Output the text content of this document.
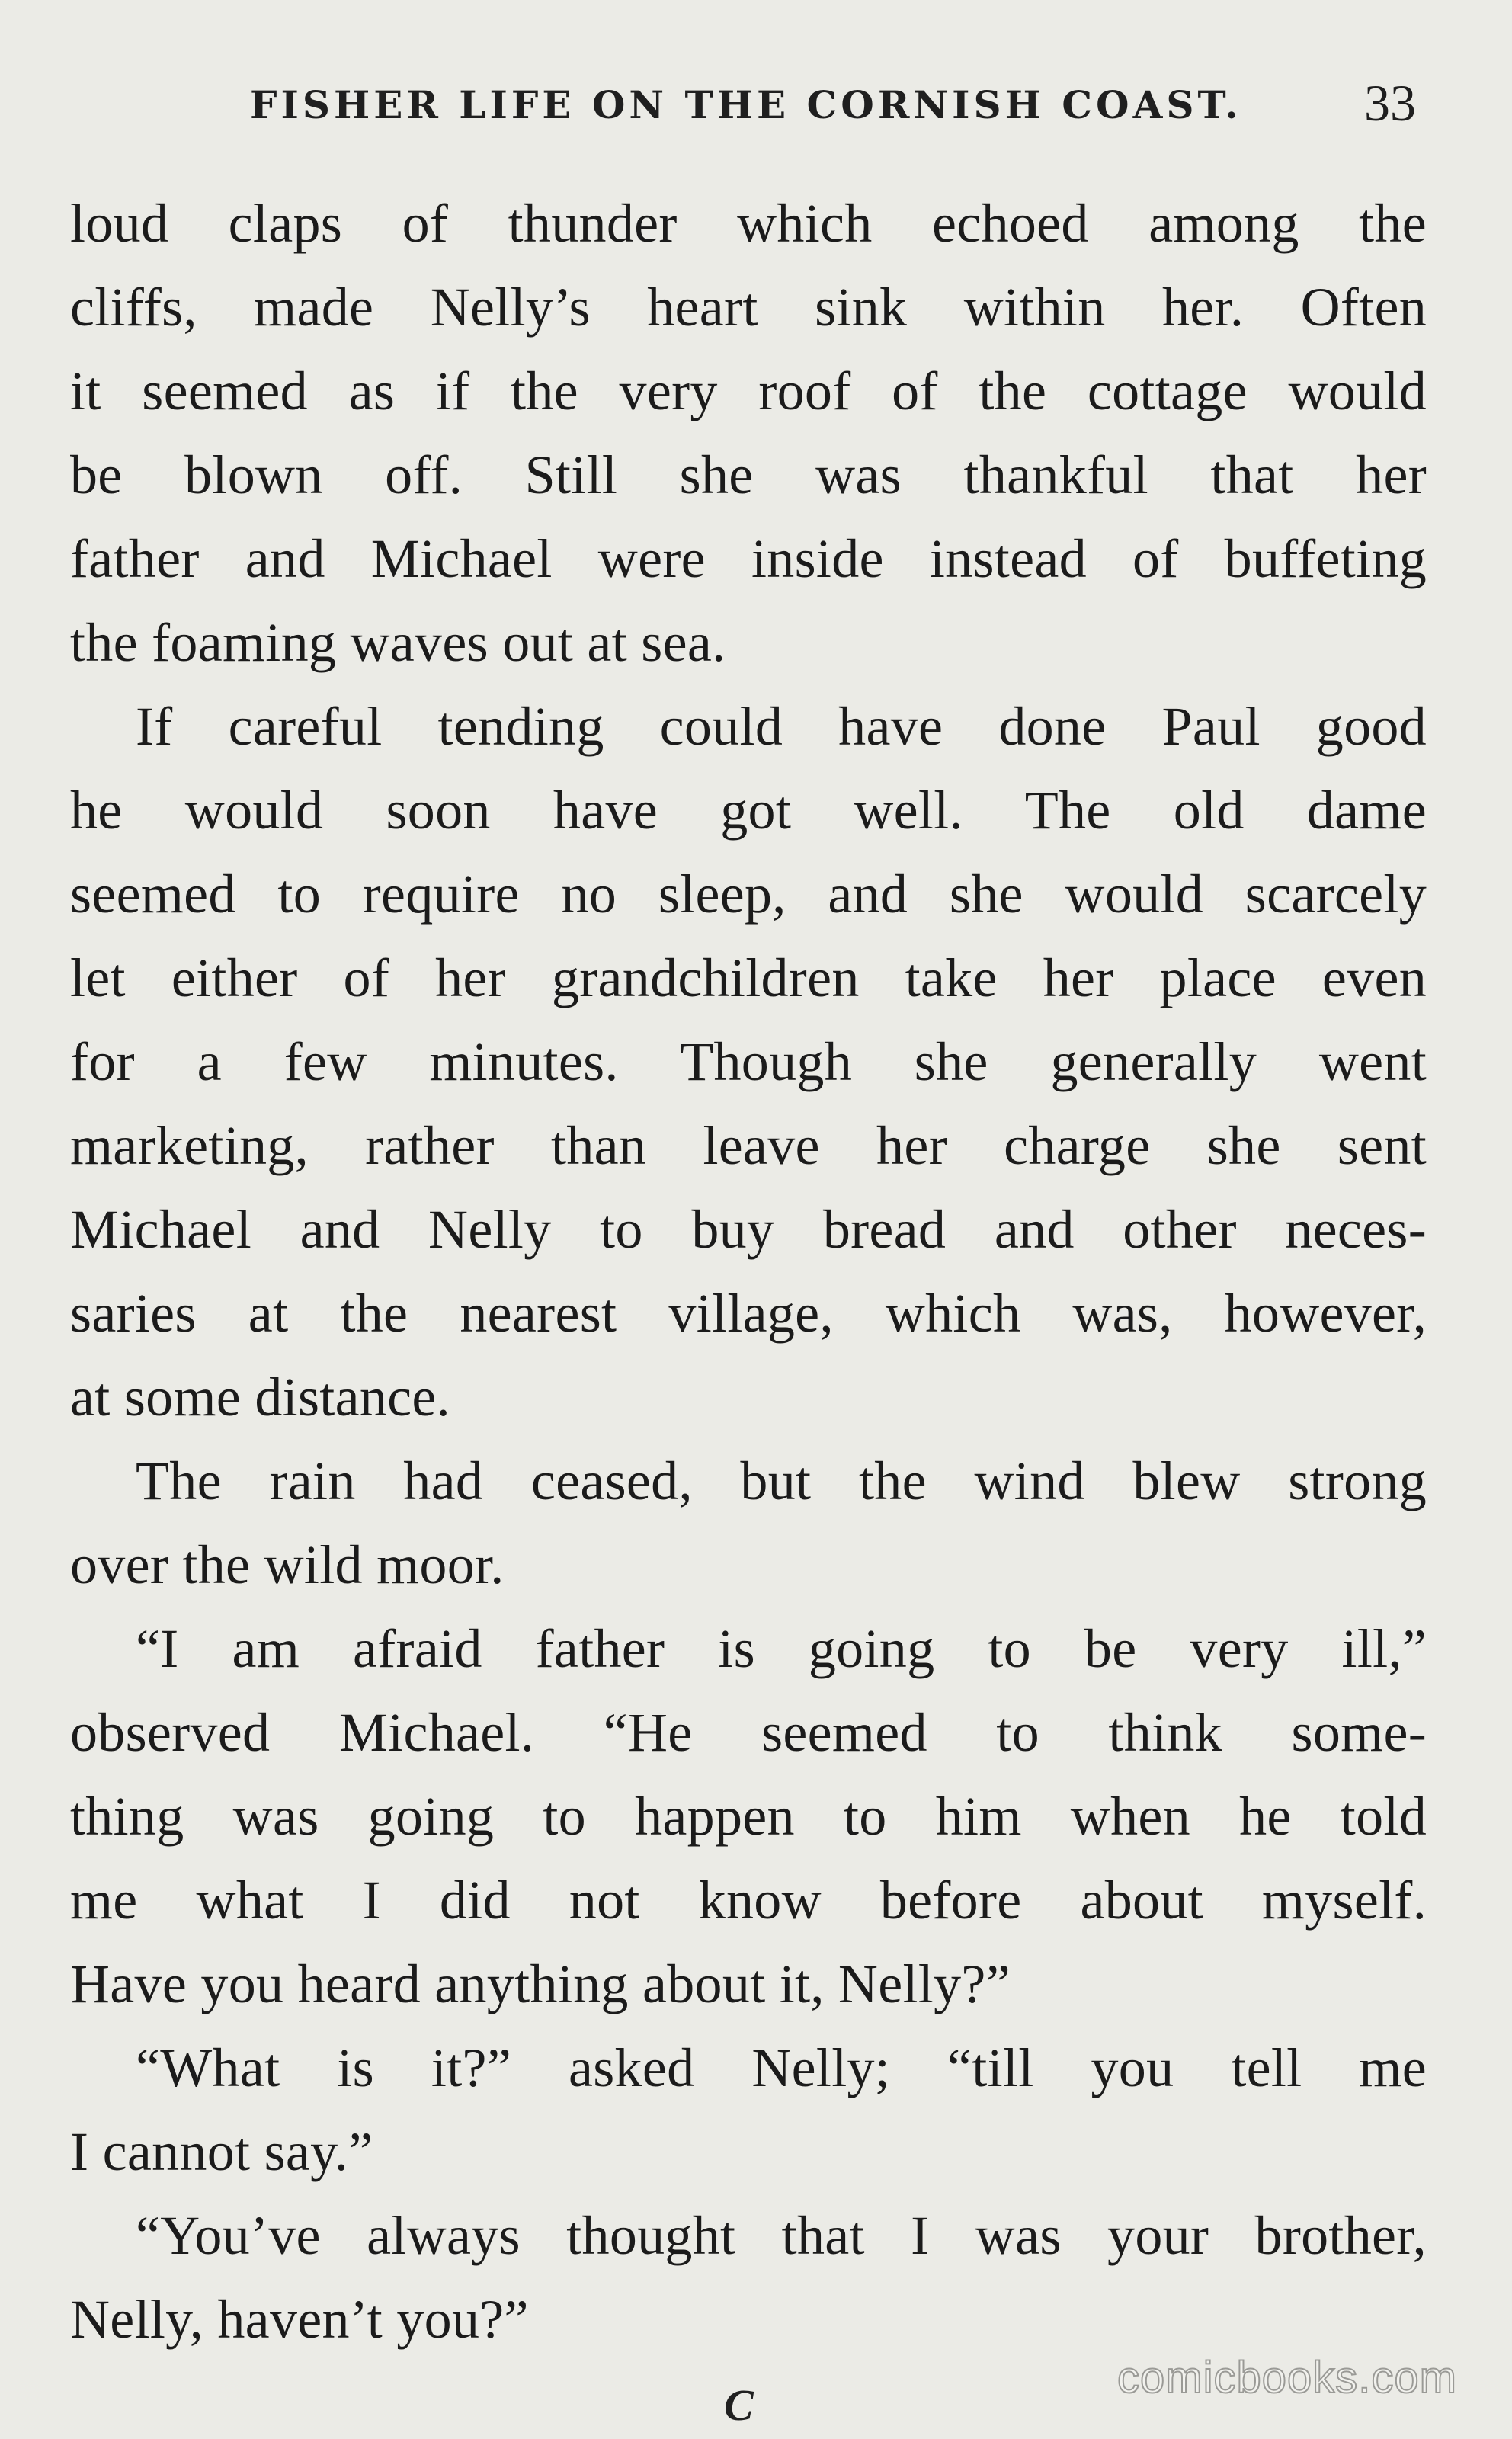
FISHER LIFE ON THE CORNISH COAST. 33
loud claps of thunder which echoed among the
cliffs, made Nelly’s heart sink within her. Often
it seemed as if the very roof of the cottage would
be blown off. Still she was thankful that her
father and Michael were inside instead of buffeting
the foaming waves out at sea.
If careful tending could have done Paul good
he would soon have got well. The old dame
seemed to require no sleep, and she would scarcely
let either of her grandchildren take her place even
for a few minutes. Though she generally went
marketing, rather than leave her charge she sent
Michael and Nelly to buy bread and other neces-
saries at the nearest village, which was, however,
at some distance.
The rain had ceased, but the wind blew strong
over the wild moor.
“I am afraid father is going to be very ill,”
observed Michael. “He seemed to think some-
thing was going to happen to him when he told
me what I did not know before about myself.
Have you heard anything about it, Nelly?”
“What is it?” asked Nelly; “till you tell me
I cannot say.”
“You’ve always thought that I was your brother,
Nelly, haven’t you?”
C
comicbooks.com
